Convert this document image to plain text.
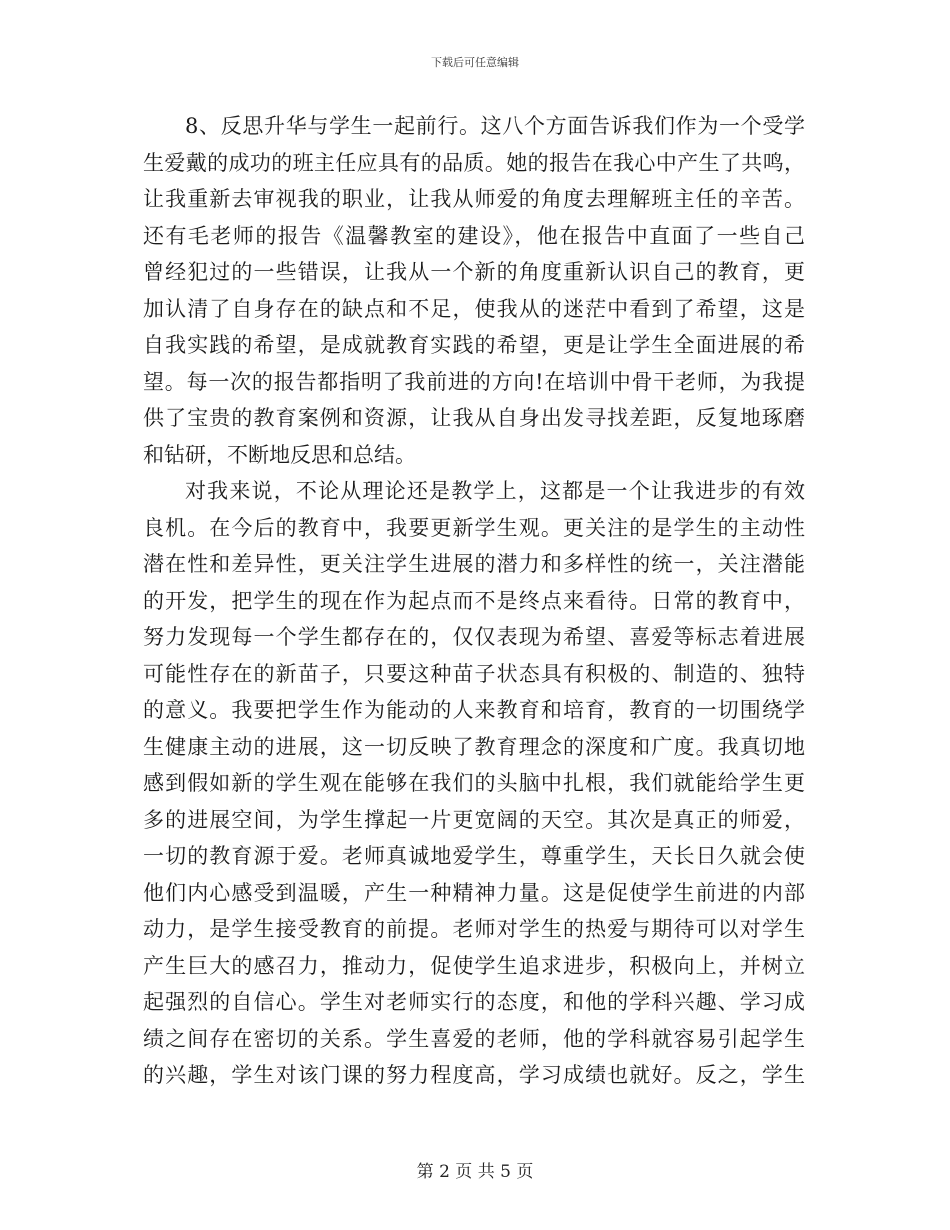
下载后可任意编辑
8、反思升华与学生一起前行。这八个方面告诉我们作为一个受学
生爱戴的成功的班主任应具有的品质。她的报告在我心中产生了共鸣，
让我重新去审视我的职业，让我从师爱的角度去理解班主任的辛苦。
还有毛老师的报告《温馨教室的建设》，他在报告中直面了一些自己
曾经犯过的一些错误，让我从一个新的角度重新认识自己的教育，更
加认清了自身存在的缺点和不足，使我从的迷茫中看到了希望，这是
自我实践的希望，是成就教育实践的希望，更是让学生全面进展的希
望。每一次的报告都指明了我前进的方向!在培训中骨干老师，为我提
供了宝贵的教育案例和资源，让我从自身出发寻找差距，反复地琢磨
和钻研，不断地反思和总结。
对我来说，不论从理论还是教学上，这都是一个让我进步的有效
良机。在今后的教育中，我要更新学生观。更关注的是学生的主动性
潜在性和差异性，更关注学生进展的潜力和多样性的统一，关注潜能
的开发，把学生的现在作为起点而不是终点来看待。日常的教育中，
努力发现每一个学生都存在的，仅仅表现为希望、喜爱等标志着进展
可能性存在的新苗子，只要这种苗子状态具有积极的、制造的、独特
的意义。我要把学生作为能动的人来教育和培育，教育的一切围绕学
生健康主动的进展，这一切反映了教育理念的深度和广度。我真切地
感到假如新的学生观在能够在我们的头脑中扎根，我们就能给学生更
多的进展空间，为学生撑起一片更宽阔的天空。其次是真正的师爱，
一切的教育源于爱。老师真诚地爱学生，尊重学生，天长日久就会使
他们内心感受到温暖，产生一种精神力量。这是促使学生前进的内部
动力，是学生接受教育的前提。老师对学生的热爱与期待可以对学生
产生巨大的感召力，推动力，促使学生追求进步，积极向上，并树立
起强烈的自信心。学生对老师实行的态度，和他的学科兴趣、学习成
绩之间存在密切的关系。学生喜爱的老师，他的学科就容易引起学生
的兴趣，学生对该门课的努力程度高，学习成绩也就好。反之，学生
第 2 页 共 5 页
